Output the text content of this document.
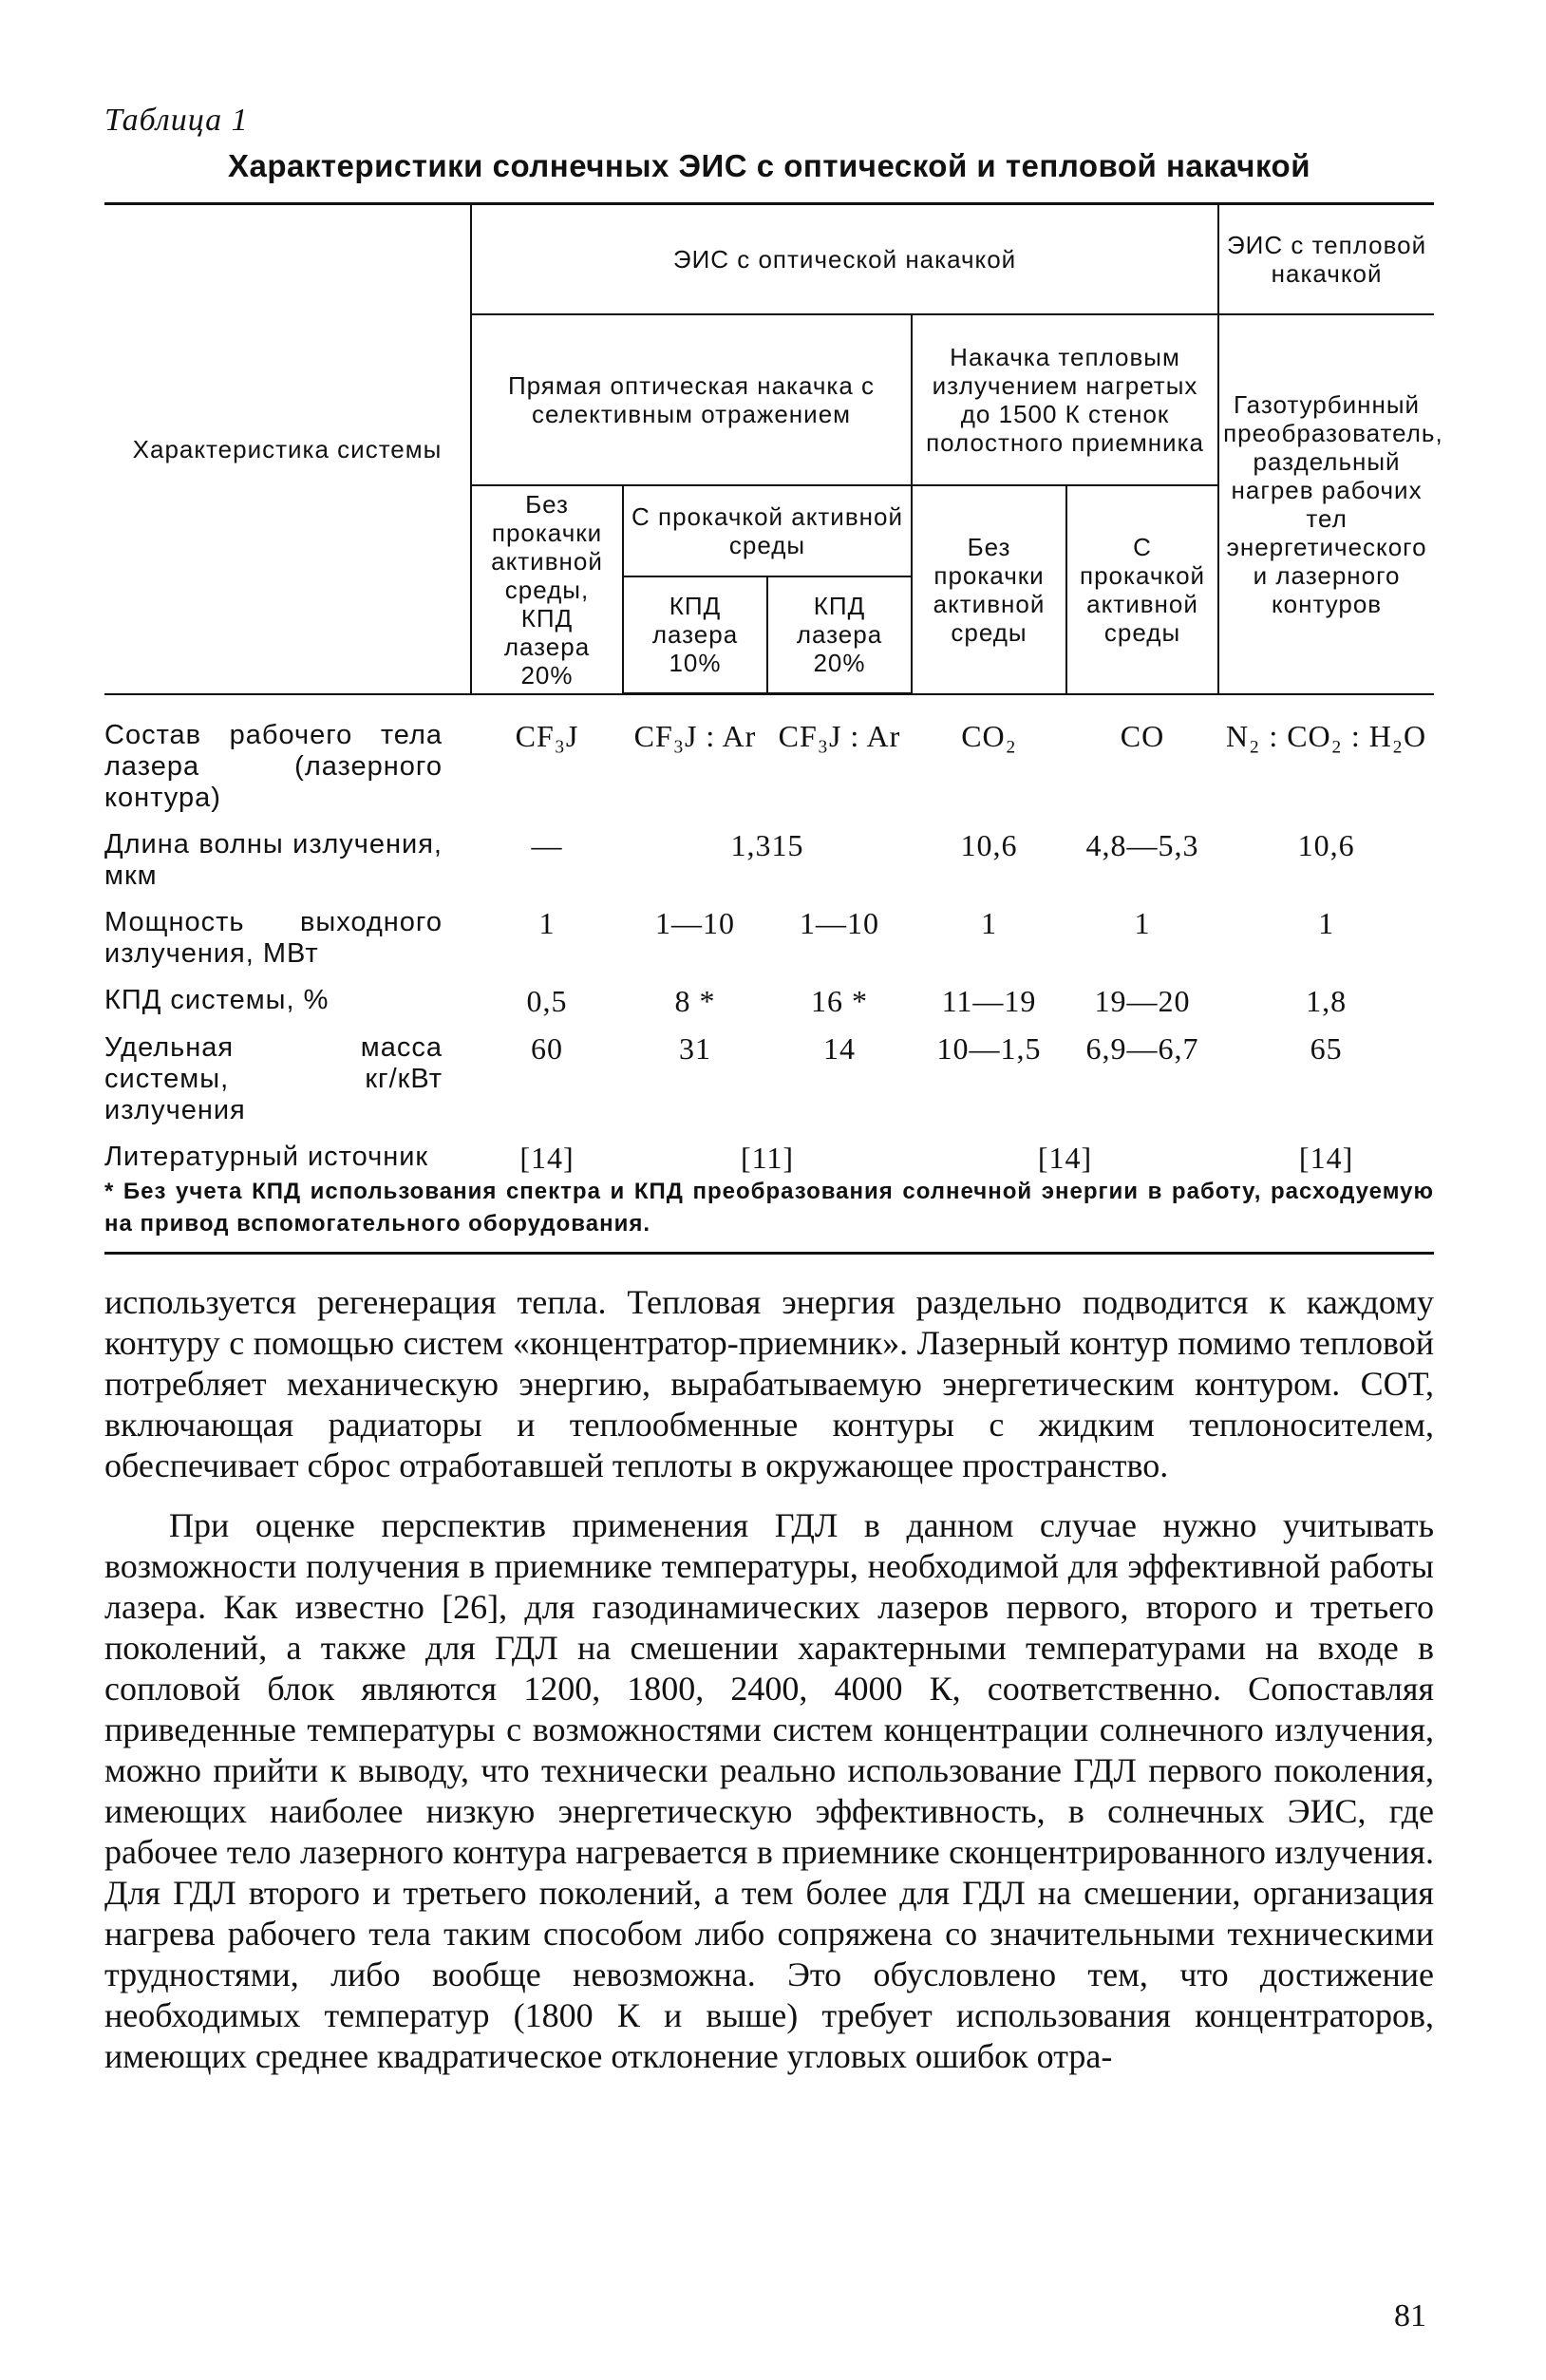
Таблица 1
Характеристики солнечных ЭИС с оптической и тепловой накачкой
Характеристика системы	ЭИС с оптической накачкой					ЭИС с тепловой накачкой
	Прямая оптическая накачка с селективным отражением			Накачка тепловым излучением нагретых до 1500 К стенок полостного приемника		Газотурбинный преобразователь, раздельный нагрев рабочих тел энергетического и лазерного контуров
	Без прокачки активной среды, КПД лазера 20%	С прокачкой активной среды		Без прокачки активной среды	С прокачкой активной среды	
		КПД лазера 10%	КПД лазера 20%			
Состав рабочего тела лазера (лазерного контура)	CF₃J	CF₃J : Ar	CF₃J : Ar	CO₂	CO	N₂ : CO₂ : H₂O
Длина волны излучения, мкм	—	1,315		10,6	4,8—5,3	10,6
Мощность выходного излучения, МВт	1	1—10	1—10	1	1	1
КПД системы, %	0,5	8 *	16 *	11—19	19—20	1,8
Удельная масса системы, кг/кВт излучения	60	31	14	10—1,5	6,9—6,7	65
Литературный источник	[14]	[11]		[14]		[14]
* Без учета КПД использования спектра и КПД преобразования солнечной энергии в работу, расходуемую на привод вспомогательного оборудования.

используется регенерация тепла. Тепловая энергия раздельно подводится к каждому контуру с помощью систем «концентратор-приемник». Лазерный контур помимо тепловой потребляет механическую энергию, вырабатываемую энергетическим контуром. СОТ, включающая радиаторы и теплообменные контуры с жидким теплоносителем, обеспечивает сброс отработавшей теплоты в окружающее пространство.

При оценке перспектив применения ГДЛ в данном случае нужно учитывать возможности получения в приемнике температуры, необходимой для эффективной работы лазера. Как известно [26], для газодинамических лазеров первого, второго и третьего поколений, а также для ГДЛ на смешении характерными температурами на входе в сопловой блок являются 1200, 1800, 2400, 4000 К, соответственно. Сопоставляя приведенные температуры с возможностями систем концентрации солнечного излучения, можно прийти к выводу, что технически реально использование ГДЛ первого поколения, имеющих наиболее низкую энергетическую эффективность, в солнечных ЭИС, где рабочее тело лазерного контура нагревается в приемнике сконцентрированного излучения. Для ГДЛ второго и третьего поколений, а тем более для ГДЛ на смешении, организация нагрева рабочего тела таким способом либо сопряжена со значительными техническими трудностями, либо вообще невозможна. Это обусловлено тем, что достижение необходимых температур (1800 К и выше) требует использования концентраторов, имеющих среднее квадратическое отклонение угловых ошибок отра-

81
